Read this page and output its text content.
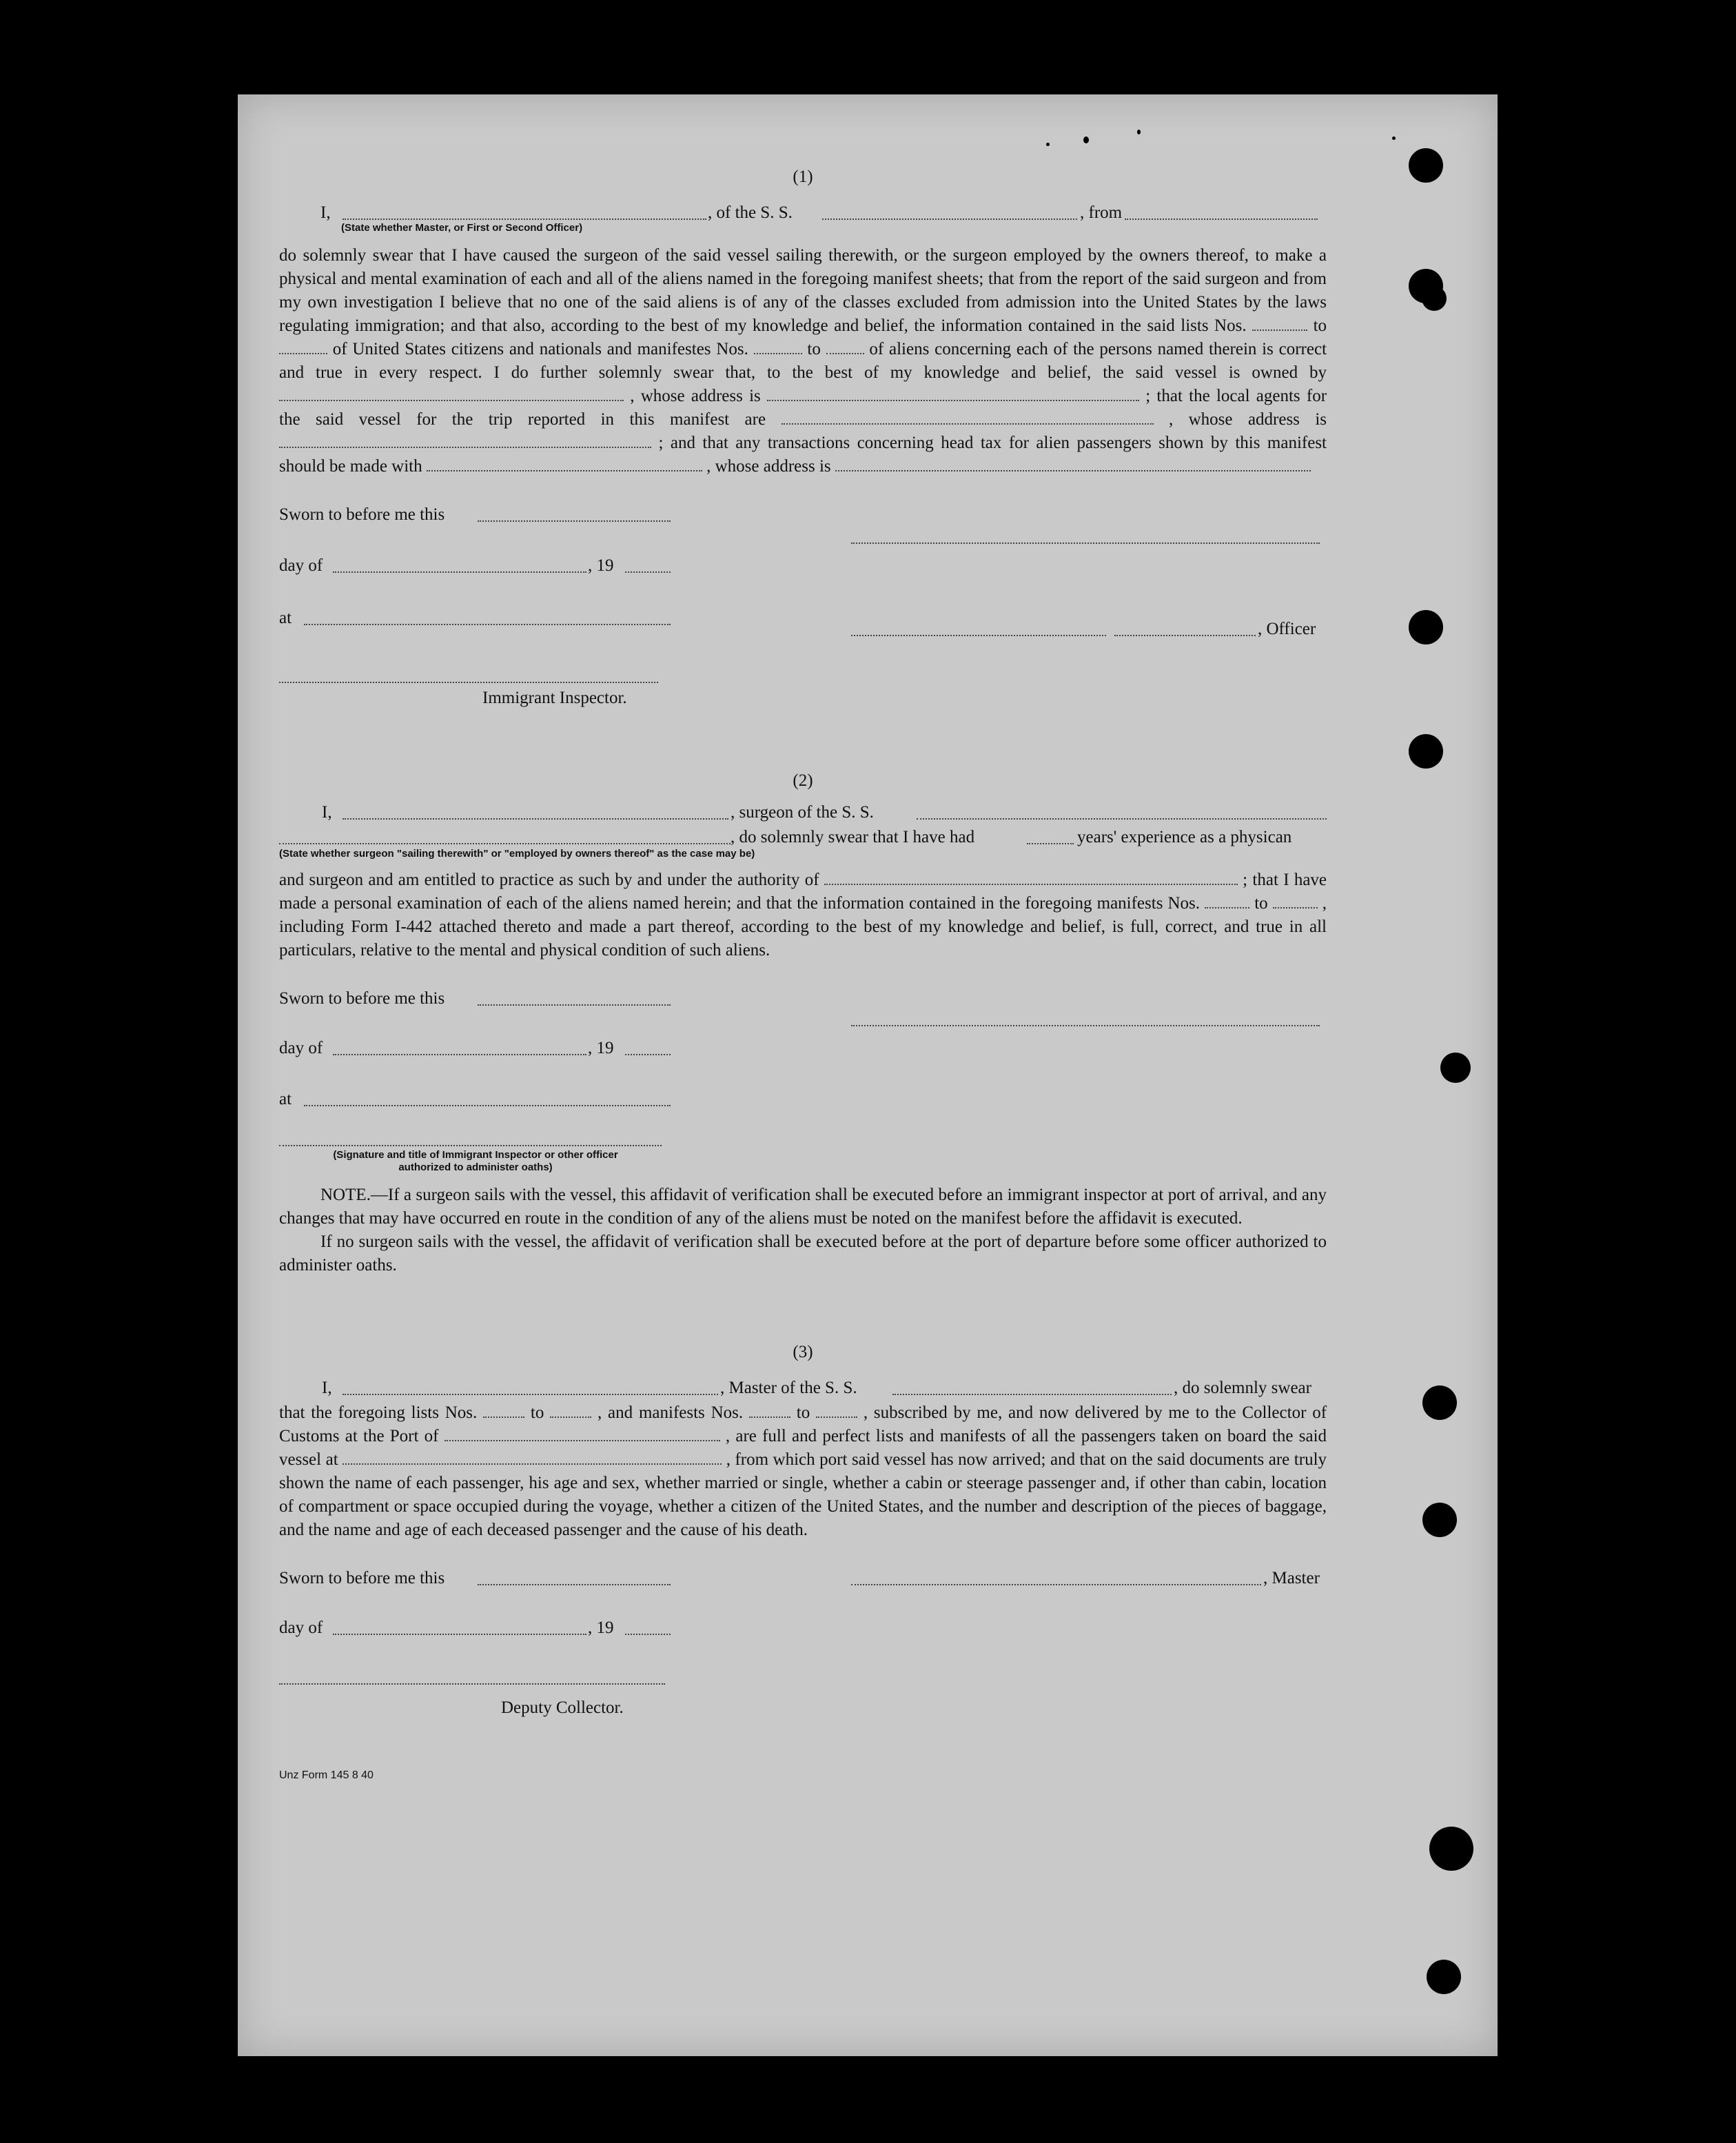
(1)

I,	, of the S. S.	, from
(State whether Master, or First or Second Officer)

do solemnly swear that I have caused the surgeon of the said vessel sailing therewith, or the surgeon employed by the owners thereof, to make a physical and mental examination of each and all of the aliens named in the foregoing manifest sheets; that from the report of the said surgeon and from my own investigation I believe that no one of the said aliens is of any of the classes excluded from admission into the United States by the laws regulating immigration; and that also, according to the best of my knowledge and belief, the information contained in the said lists Nos.	to  of United States citizens and nationals and manifestes Nos.	to	of aliens concerning each of the persons named therein is correct and true in every respect. I do further solemnly swear that, to the best of my knowledge and belief, the said vessel is owned by  , whose address is	; that the local agents for the said vessel for the trip reported in this manifest are	, whose address is  ; and that any transactions concerning head tax for alien passengers shown by this manifest should be made with	, whose address is

Sworn to before me this
day of	, 19
at
, Officer
Immigrant Inspector.

(2)

I,	, surgeon of the S. S.
, do solemnly swear that I have had	years' experience as a physican
(State whether surgeon "sailing therewith" or "employed by owners thereof" as the case may be)

and surgeon and am entitled to practice as such by and under the authority of	; that I have made a personal examination of each of the aliens named herein; and that the information contained in the foregoing manifests Nos.	to	, including Form I-442 attached thereto and made a part thereof, according to the best of my knowledge and belief, is full, correct, and true in all particulars, relative to the mental and physical condition of such aliens.

Sworn to before me this
day of	, 19
at
(Signature and title of Immigrant Inspector or other officer authorized to administer oaths)

NOTE.—If a surgeon sails with the vessel, this affidavit of verification shall be executed before an immigrant inspector at port of arrival, and any changes that may have occurred en route in the condition of any of the aliens must be noted on the manifest before the affidavit is executed.

If no surgeon sails with the vessel, the affidavit of verification shall be executed before at the port of departure before some officer authorized to administer oaths.

(3)

I,	, Master of the S. S.	, do solemnly swear

that the foregoing lists Nos.	to	, and manifests Nos.	to	, subscribed by me, and now delivered by me to the Collector of Customs at the Port of	, are full and perfect lists and manifests of all the passengers taken on board the said vessel at	, from which port said vessel has now arrived; and that on the said documents are truly shown the name of each passenger, his age and sex, whether married or single, whether a cabin or steerage passenger and, if other than cabin, location of compartment or space occupied during the voyage, whether a citizen of the United States, and the number and description of the pieces of baggage, and the name and age of each deceased passenger and the cause of his death.

Sworn to before me this	, Master
day of	, 19
Deputy Collector.
Unz Form 145 8 40
